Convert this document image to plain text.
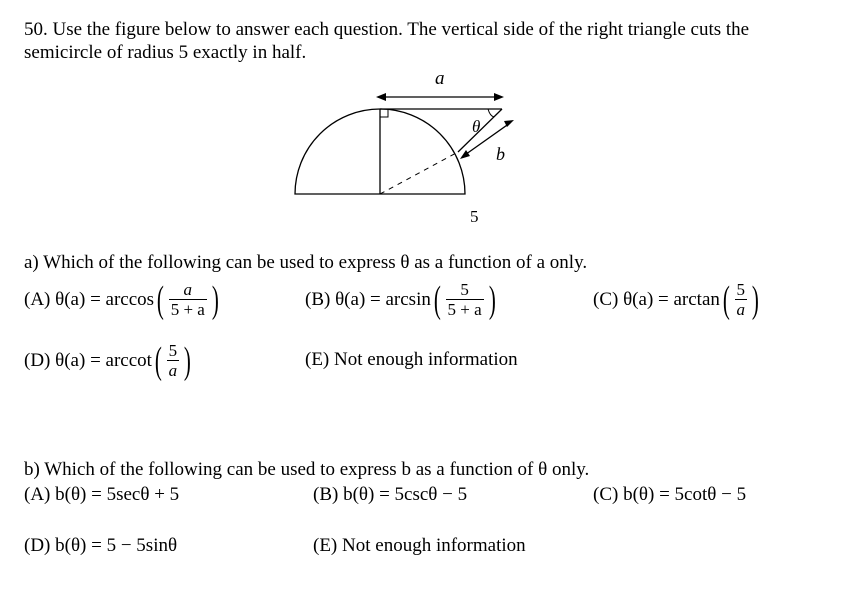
50. Use the figure below to answer each question. The vertical side of the right triangle cuts the semicircle of radius 5 exactly in half.
a
θ
b
5
a) Which of the following can be used to express θ as a function of a only.
(A) θ(a) = arccos ( $\frac{a}{5 + a}$ )	(B) θ(a) = arcsin ( $\frac{5}{5 + a}$ )	(C) θ(a) = arctan ( $\frac{5}{a}$ )
(D) θ(a) = arccot ( $\frac{5}{a}$ )	(E) Not enough information
b) Which of the following can be used to express b as a function of θ only.
(A) b(θ) = 5secθ + 5	(B) b(θ) = 5cscθ − 5	(C) b(θ) = 5cotθ − 5
(D) b(θ) = 5 − 5sinθ	(E) Not enough information
